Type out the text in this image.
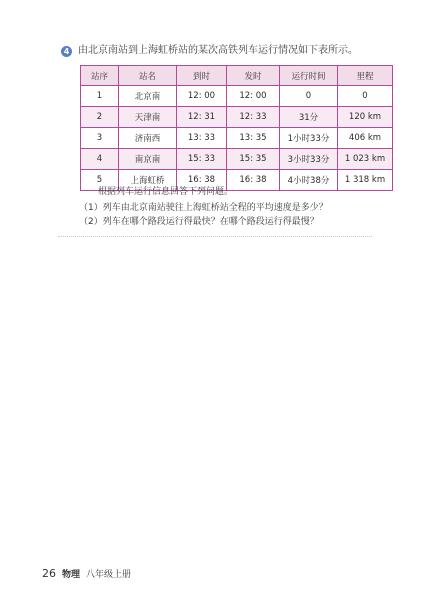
4 由北京南站到上海虹桥站的某次高铁列车运行情况如下表所示。
站序	站名	到时	发时	运行时间	里程
1	北京南	12: 00	12: 00	0	0
2	天津南	12: 31	12: 33	31分	120 km
3	济南西	13: 33	13: 35	1小时33分	406 km
4	南京南	15: 33	15: 35	3小时33分	1 023 km
5	上海虹桥	16: 38	16: 38	4小时38分	1 318 km
根据列车运行信息回答下列问题。
（1）列车由北京南站驶往上海虹桥站全程的平均速度是多少？
（2）列车在哪个路段运行得最快？在哪个路段运行得最慢？
26 物理 八年级上册
